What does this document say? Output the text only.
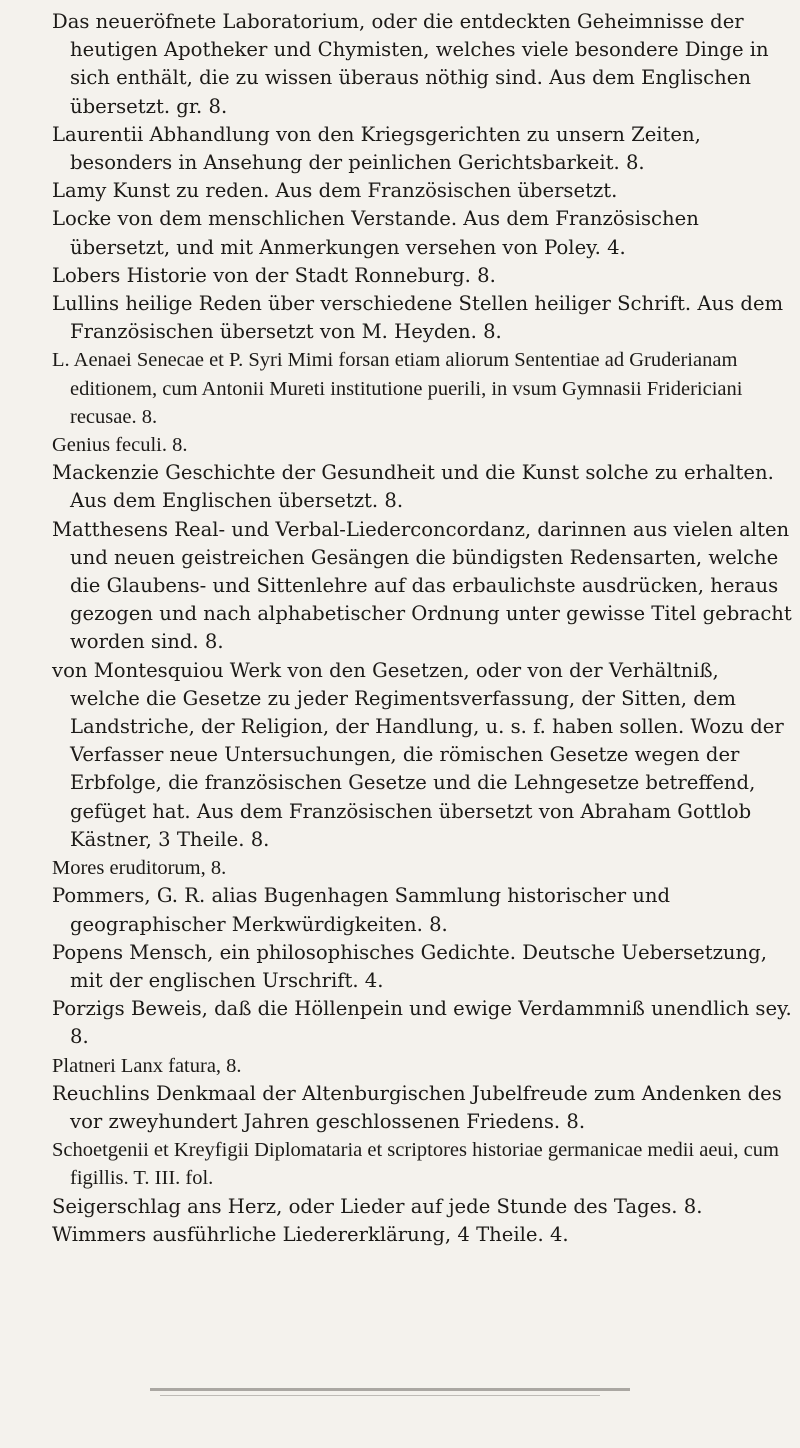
Das neueröfnete Laboratorium, oder die entdeckten Geheimnisse der heutigen Apotheker und Chymisten, welches viele besondere Dinge in sich enthält, die zu wissen überaus nöthig sind. Aus dem Englischen übersetzt. gr. 8.

Laurentii Abhandlung von den Kriegsgerichten zu unsern Zeiten, besonders in Ansehung der peinlichen Gerichtsbarkeit. 8.

Lamy Kunst zu reden. Aus dem Französischen übersetzt.

Locke von dem menschlichen Verstande. Aus dem Französischen übersetzt, und mit Anmerkungen versehen von Poley. 4.

Lobers Historie von der Stadt Ronneburg. 8.

Lullins heilige Reden über verschiedene Stellen heiliger Schrift. Aus dem Französischen übersetzt von M. Heyden. 8.

L. Aenaei Senecae et P. Syri Mimi forsan etiam aliorum Sententiae ad Gruderianam editionem, cum Antonii Mureti institutione puerili, in vsum Gymnasii Fridericiani recusae. 8.

Genius feculi. 8.

Mackenzie Geschichte der Gesundheit und die Kunst solche zu erhalten. Aus dem Englischen übersetzt. 8.

Matthesens Real- und Verbal-Liederconcordanz, darinnen aus vielen alten und neuen geistreichen Gesängen die bündigsten Redensarten, welche die Glaubens- und Sittenlehre auf das erbaulichste ausdrücken, heraus gezogen und nach alphabetischer Ordnung unter gewisse Titel gebracht worden sind. 8.

von Montesquiou Werk von den Gesetzen, oder von der Verhältniß, welche die Gesetze zu jeder Regimentsverfassung, der Sitten, dem Landstriche, der Religion, der Handlung, u. s. f. haben sollen. Wozu der Verfasser neue Untersuchungen, die römischen Gesetze wegen der Erbfolge, die französischen Gesetze und die Lehngesetze betreffend, gefüget hat. Aus dem Französischen übersetzt von Abraham Gottlob Kästner, 3 Theile. 8.

Mores eruditorum, 8.

Pommers, G. R. alias Bugenhagen Sammlung historischer und geographischer Merkwürdigkeiten. 8.

Popens Mensch, ein philosophisches Gedichte. Deutsche Uebersetzung, mit der englischen Urschrift. 4.

Porzigs Beweis, daß die Höllenpein und ewige Verdammniß unendlich sey. 8.

Platneri Lanx fatura, 8.

Reuchlins Denkmaal der Altenburgischen Jubelfreude zum Andenken des vor zweyhundert Jahren geschlossenen Friedens. 8.

Schoetgenii et Kreyfigii Diplomataria et scriptores historiae germanicae medii aeui, cum figillis. T. III. fol.

Seigerschlag ans Herz, oder Lieder auf jede Stunde des Tages. 8.

Wimmers ausführliche Liedererklärung, 4 Theile. 4.
